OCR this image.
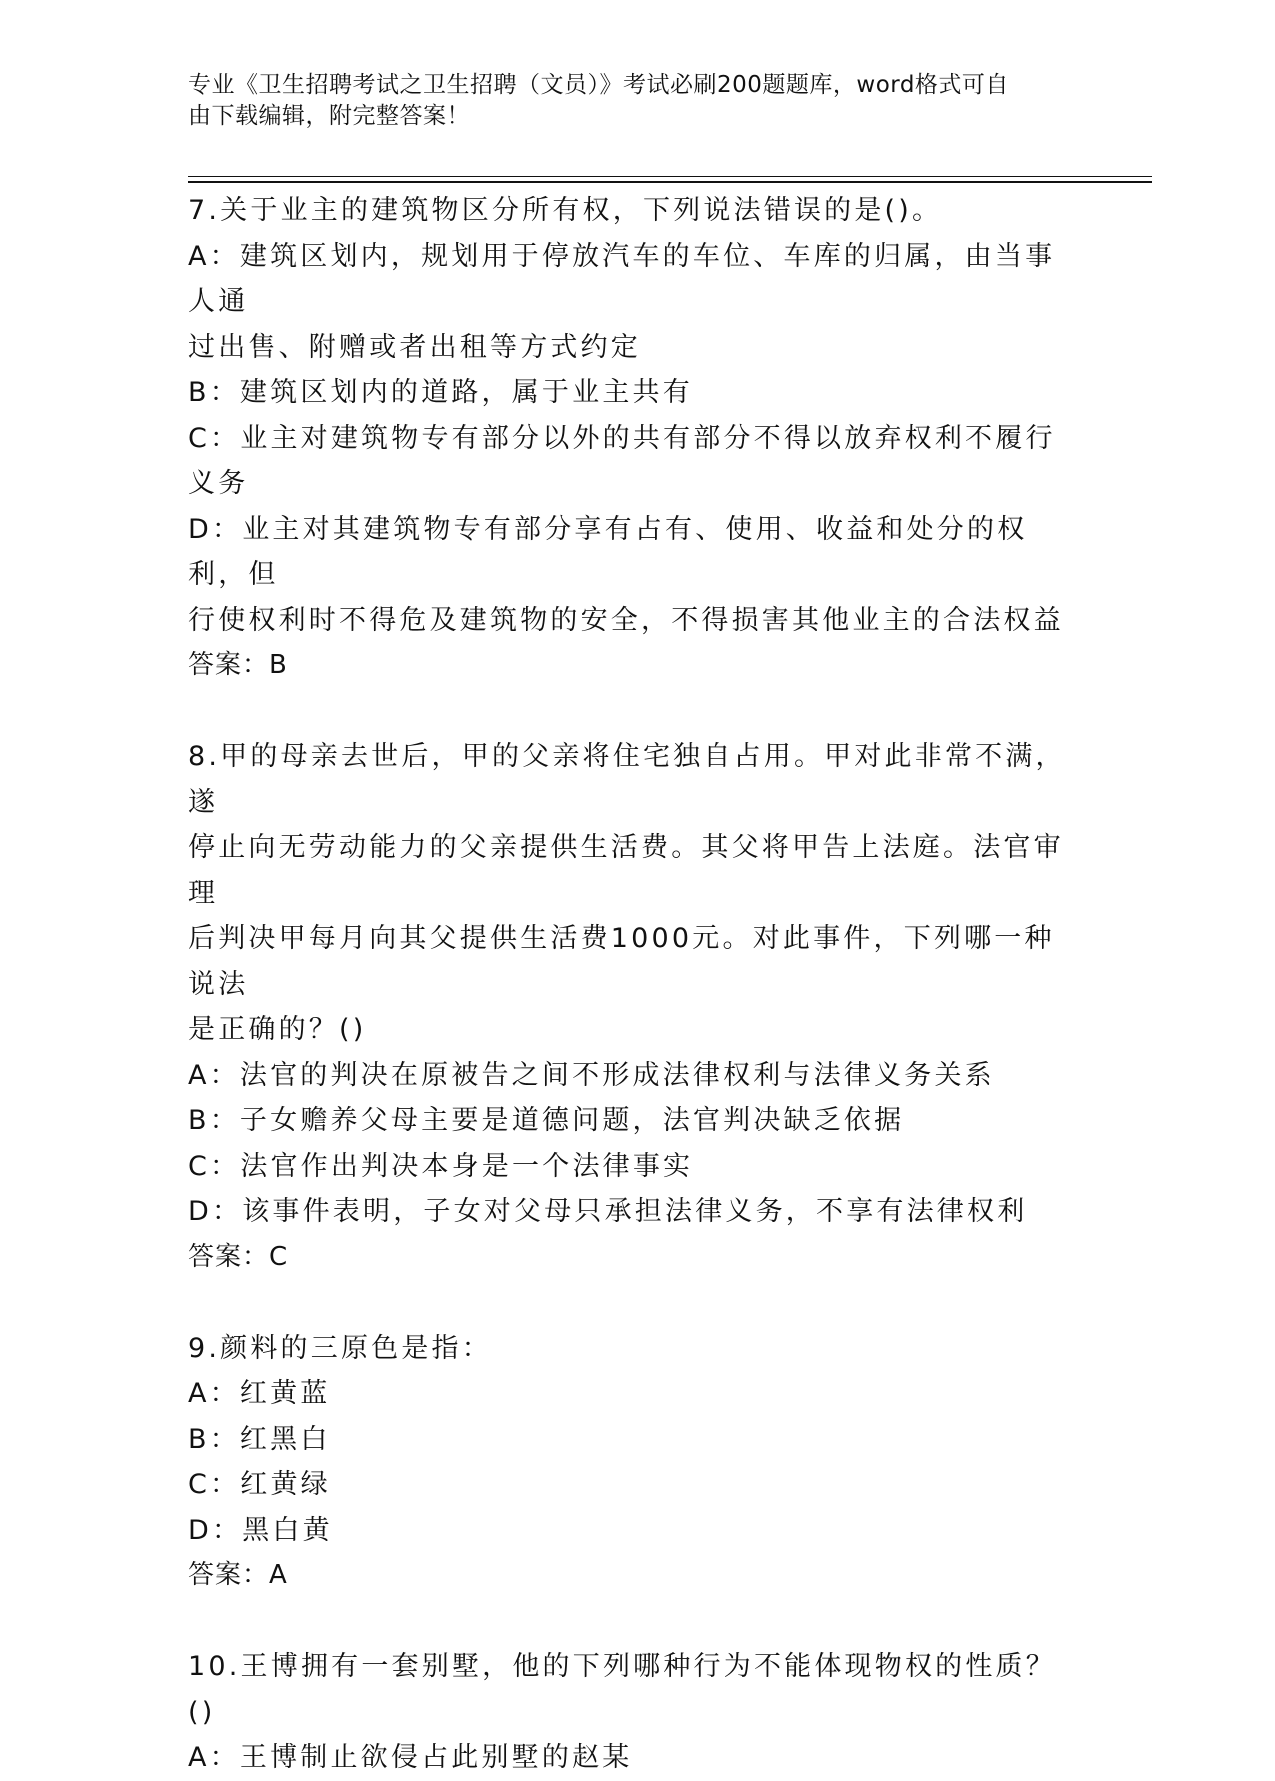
专业《卫生招聘考试之卫生招聘（文员）》考试必刷200题题库，word格式可自
由下载编辑，附完整答案！
7.关于业主的建筑物区分所有权，下列说法错误的是()。
A：建筑区划内，规划用于停放汽车的车位、车库的归属，由当事人通
过出售、附赠或者出租等方式约定
B：建筑区划内的道路，属于业主共有
C：业主对建筑物专有部分以外的共有部分不得以放弃权利不履行义务
D：业主对其建筑物专有部分享有占有、使用、收益和处分的权利，但
行使权利时不得危及建筑物的安全，不得损害其他业主的合法权益
答案：B
8.甲的母亲去世后，甲的父亲将住宅独自占用。甲对此非常不满，遂
停止向无劳动能力的父亲提供生活费。其父将甲告上法庭。法官审理
后判决甲每月向其父提供生活费1000元。对此事件，下列哪一种说法
是正确的？()
A：法官的判决在原被告之间不形成法律权利与法律义务关系
B：子女赡养父母主要是道德问题，法官判决缺乏依据
C：法官作出判决本身是一个法律事实
D：该事件表明，子女对父母只承担法律义务，不享有法律权利
答案：C
9.颜料的三原色是指：
A：红黄蓝
B：红黑白
C：红黄绿
D：黑白黄
答案：A
10.王博拥有一套别墅，他的下列哪种行为不能体现物权的性质？()
A：王博制止欲侵占此别墅的赵某
